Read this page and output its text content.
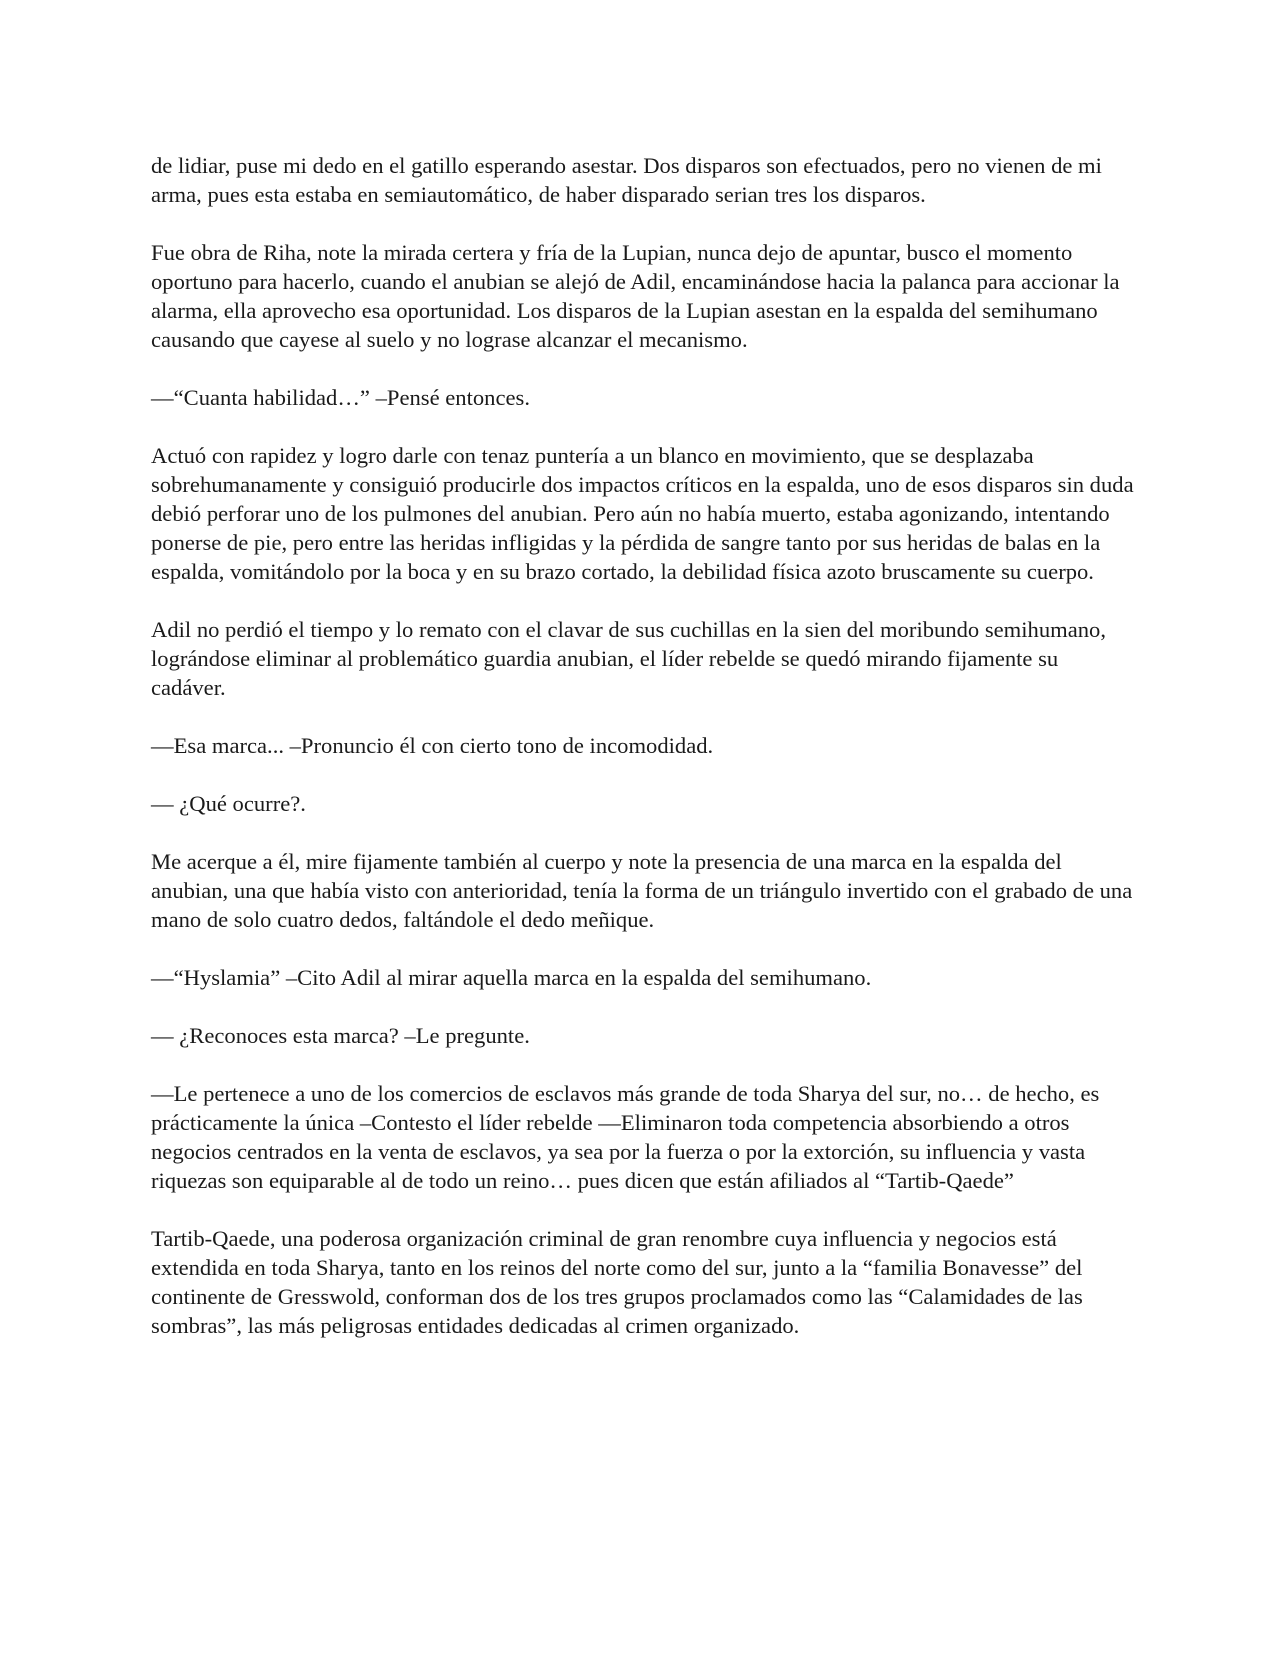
de lidiar, puse mi dedo en el gatillo esperando asestar. Dos disparos son efectuados, pero no vienen de mi arma, pues esta estaba en semiautomático, de haber disparado serian tres los disparos.

Fue obra de Riha, note la mirada certera y fría de la Lupian, nunca dejo de apuntar, busco el momento oportuno para hacerlo, cuando el anubian se alejó de Adil, encaminándose hacia la palanca para accionar la alarma, ella aprovecho esa oportunidad. Los disparos de la Lupian asestan en la espalda del semihumano causando que cayese al suelo y no lograse alcanzar el mecanismo.

—“Cuanta habilidad…” –Pensé entonces.

Actuó con rapidez y logro darle con tenaz puntería a un blanco en movimiento, que se desplazaba sobrehumanamente y consiguió producirle dos impactos críticos en la espalda, uno de esos disparos sin duda debió perforar uno de los pulmones del anubian. Pero aún no había muerto, estaba agonizando, intentando ponerse de pie, pero entre las heridas infligidas y la pérdida de sangre tanto por sus heridas de balas en la espalda, vomitándolo por la boca y en su brazo cortado, la debilidad física azoto bruscamente su cuerpo.

Adil no perdió el tiempo y lo remato con el clavar de sus cuchillas en la sien del moribundo semihumano, lográndose eliminar al problemático guardia anubian, el líder rebelde se quedó mirando fijamente su cadáver.

—Esa marca... –Pronuncio él con cierto tono de incomodidad.

— ¿Qué ocurre?.

Me acerque a él, mire fijamente también al cuerpo y note la presencia de una marca en la espalda del anubian, una que había visto con anterioridad, tenía la forma de un triángulo invertido con el grabado de una mano de solo cuatro dedos, faltándole el dedo meñique.

—“Hyslamia” –Cito Adil al mirar aquella marca en la espalda del semihumano.

— ¿Reconoces esta marca? –Le pregunte.

—Le pertenece a uno de los comercios de esclavos más grande de toda Sharya del sur, no… de hecho, es prácticamente la única –Contesto el líder rebelde —Eliminaron toda competencia absorbiendo a otros negocios centrados en la venta de esclavos, ya sea por la fuerza o por la extorción, su influencia y vasta riquezas son equiparable al de todo un reino… pues dicen que están afiliados al “Tartib-Qaede”

Tartib-Qaede, una poderosa organización criminal de gran renombre cuya influencia y negocios está extendida en toda Sharya, tanto en los reinos del norte como del sur, junto a la “familia Bonavesse” del continente de Gresswold, conforman dos de los tres grupos proclamados como las “Calamidades de las sombras”, las más peligrosas entidades dedicadas al crimen organizado.
